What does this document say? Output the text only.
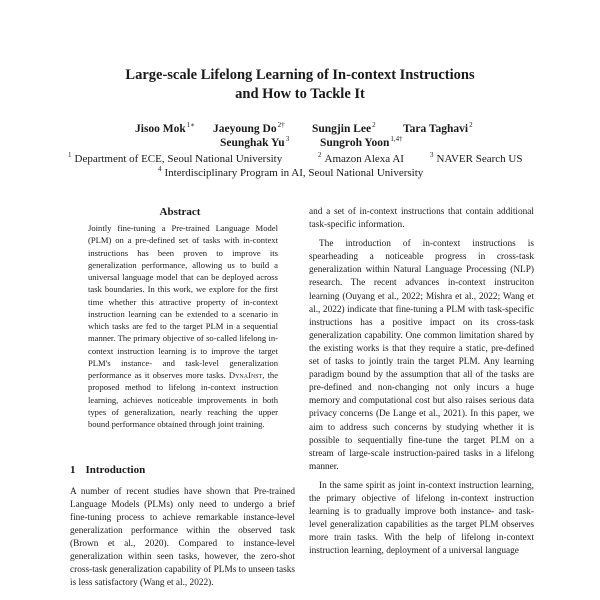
Large-scale Lifelong Learning of In-context Instructions
and How to Tackle It
Jisoo Mok$^{1∗}$ Jaeyoung $Do^{2\dagger}$ Sungjin Lee$^2$ Tara Taghavi$^2$
Seunghak Yu$^3$	Sungroh Yoon$^{1,4\dagger}$
$^1$ Department of ECE, Seoul National University	$^2$ Amazon Alexa AI	$^3$ NAVER Search US
$^4$ Interdisciplinary Program in AI, Seoul National University
Abstract
Jointly fine-tuning a Pre-trained Language Model (PLM) on a pre-defined set of tasks with in-context instructions has been proven to improve its generalization performance, allowing us to build a universal language model that can be deployed across task boundaries. In this work, we explore for the first time whether this attractive property of in-context instruction learning can be extended to a scenario in which tasks are fed to the target PLM in a sequential manner. The primary objective of so-called lifelong in-context instruction learning is to improve the target PLM's instance- and task-level generalization performance as it observes more tasks. DynaInst, the proposed method to lifelong in-context instruction learning, achieves noticeable improvements in both types of generalization, nearly reaching the upper bound performance obtained through joint training.
1 Introduction
A number of recent studies have shown that Pre-trained Language Models (PLMs) only need to undergo a brief fine-tuning process to achieve remarkable instance-level generalization performance within the observed task (Brown et al., 2020). Compared to instance-level generalization within seen tasks, however, the zero-shot cross-task generalization capability of PLMs to unseen tasks is less satisfactory (Wang et al., 2022).

and a set of in-context instructions that contain additional task-specific information.

The introduction of in-context instructions is spearheading a noticeable progress in cross-task generalization within Natural Language Processing (NLP) research. The recent advances in-context instruciton learning (Ouyang et al., 2022; Mishra et al., 2022; Wang et al., 2022) indicate that fine-tuning a PLM with task-specific instructions has a positive impact on its cross-task generalization capability. One common limitation shared by the existing works is that they require a static, pre-defined set of tasks to jointly train the target PLM. Any learning paradigm bound by the assumption that all of the tasks are pre-defined and non-changing not only incurs a huge memory and computational cost but also raises serious data privacy concerns (De Lange et al., 2021). In this paper, we aim to address such concerns by studying whether it is possible to sequentially fine-tune the target PLM on a stream of large-scale instruction-paired tasks in a lifelong manner.

In the same spirit as joint in-context instruction learning, the primary objective of lifelong in-context instruction learning is to gradually improve both instance- and task-level generalization capabilities as the target PLM observes more train tasks. With the help of lifelong in-context instruction learning, deployment of a universal language
